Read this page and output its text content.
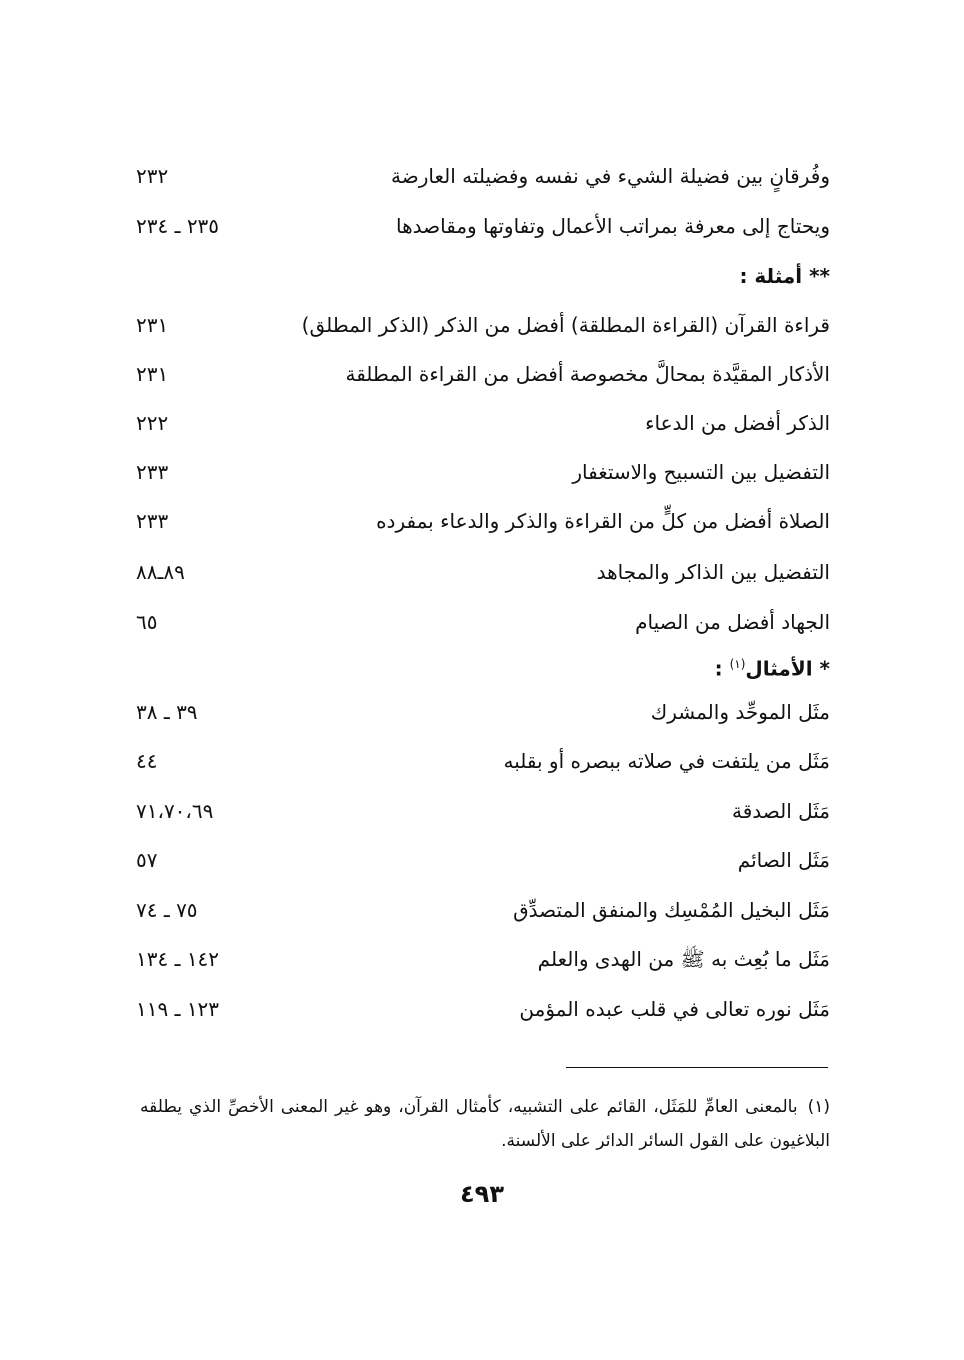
وفُرقانٍ بين فضيلة الشيء في نفسه وفضيلته العارضة
٢٣٢
ويحتاج إلى معرفة بمراتب الأعمال وتفاوتها ومقاصدها
٢٣٥ ـ ٢٣٤
** أمثلة :
قراءة القرآن (القراءة المطلقة) أفضل من الذكر (الذكر المطلق)
٢٣١
الأذكار المقيَّدة بمحالَّ مخصوصة أفضل من القراءة المطلقة
٢٣١
الذكر أفضل من الدعاء
٢٢٢
التفضيل بين التسبيح والاستغفار
٢٣٣
الصلاة أفضل من كلٍّ من القراءة والذكر والدعاء بمفرده
٢٣٣
التفضيل بين الذاكر والمجاهد
٨٩ـ٨٨
الجهاد أفضل من الصيام
٦٥
* الأمثال$^{(١)}$ :
مثَل الموحِّد والمشرك
٣٩ ـ ٣٨
مَثَل من يلتفت في صلاته ببصره أو بقلبه
٤٤
مَثَل الصدقة
٧١،٧٠،٦٩
مَثَل الصائم
٥٧
مَثَل البخيل المُمْسِك والمنفق المتصدِّق
٧٥ ـ ٧٤
مَثَل ما بُعِث به ﷺ من الهدى والعلم
١٤٢ ـ ١٣٤
مَثَل نوره تعالى في قلب عبده المؤمن
١٢٣ ـ ١١٩
(١)بالمعنى العامِّ للمَثَل، القائم على التشبيه، كأمثال القرآن، وهو غير المعنى الأخصِّ الذي يطلقه البلاغيون على القول السائر الدائر على الألسنة.
٤٩٣
